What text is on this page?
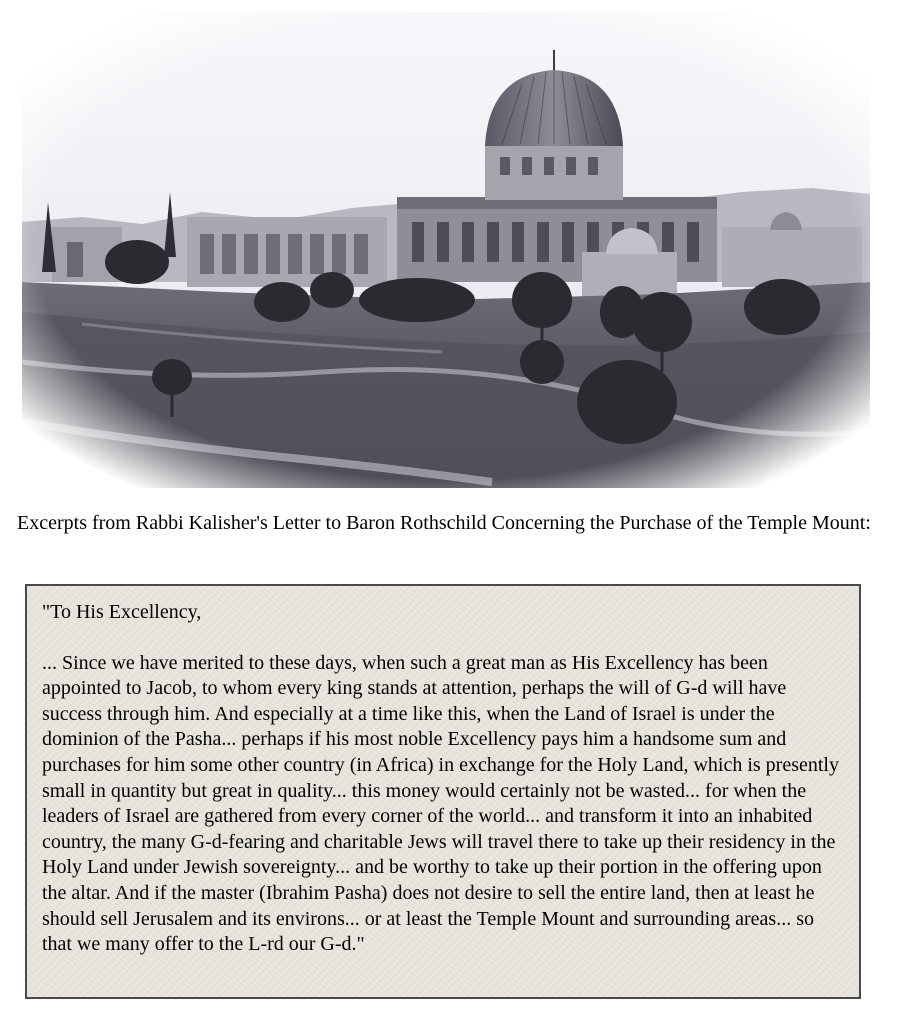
Excerpts from Rabbi Kalisher's Letter to Baron Rothschild Concerning the Purchase of the Temple Mount:

"To His Excellency,

... Since we have merited to these days, when such a great man as His Excellency has been appointed to Jacob, to whom every king stands at attention, perhaps the will of G-d will have success through him. And especially at a time like this, when the Land of Israel is under the dominion of the Pasha... perhaps if his most noble Excellency pays him a handsome sum and purchases for him some other country (in Africa) in exchange for the Holy Land, which is presently small in quantity but great in quality... this money would certainly not be wasted... for when the leaders of Israel are gathered from every corner of the world... and transform it into an inhabited country, the many G-d-fearing and charitable Jews will travel there to take up their residency in the Holy Land under Jewish sovereignty... and be worthy to take up their portion in the offering upon the altar. And if the master (Ibrahim Pasha) does not desire to sell the entire land, then at least he should sell Jerusalem and its environs... or at least the Temple Mount and surrounding areas... so that we many offer to the L-rd our G-d."
